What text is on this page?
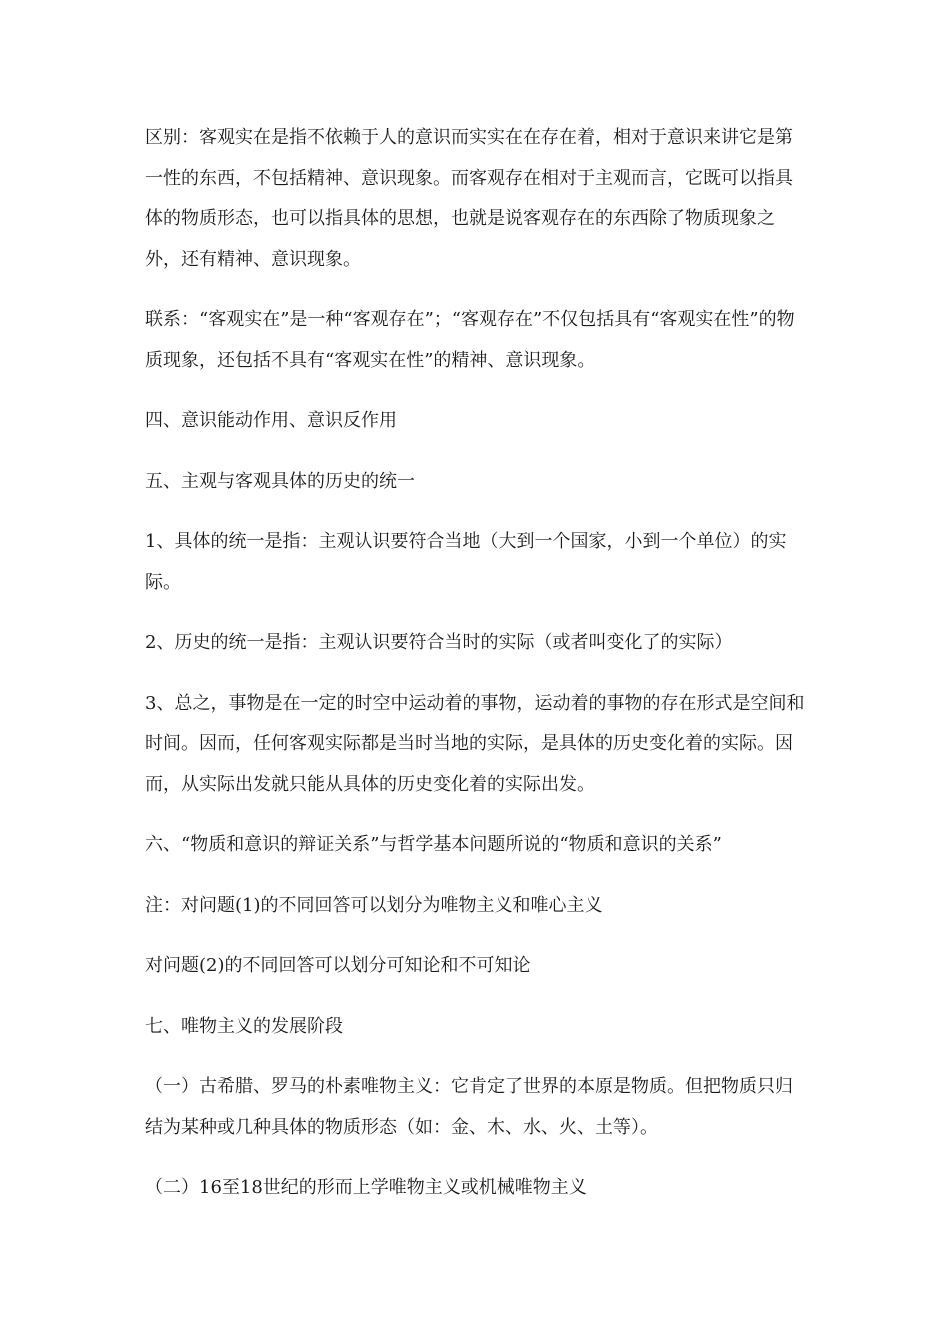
区别：客观实在是指不依赖于人的意识而实实在在存在着，相对于意识来讲它是第一性的东西，不包括精神、意识现象。而客观存在相对于主观而言，它既可以指具体的物质形态，也可以指具体的思想，也就是说客观存在的东西除了物质现象之外，还有精神、意识现象。

联系：“客观实在”是一种“客观存在”；“客观存在”不仅包括具有“客观实在性”的物质现象，还包括不具有“客观实在性”的精神、意识现象。

四、意识能动作用、意识反作用

五、主观与客观具体的历史的统一

1、具体的统一是指：主观认识要符合当地（大到一个国家，小到一个单位）的实际。

2、历史的统一是指：主观认识要符合当时的实际（或者叫变化了的实际）

3、总之，事物是在一定的时空中运动着的事物，运动着的事物的存在形式是空间和时间。因而，任何客观实际都是当时当地的实际，是具体的历史变化着的实际。因而，从实际出发就只能从具体的历史变化着的实际出发。

六、“物质和意识的辩证关系”与哲学基本问题所说的“物质和意识的关系”

注：对问题(1)的不同回答可以划分为唯物主义和唯心主义

对问题(2)的不同回答可以划分可知论和不可知论

七、唯物主义的发展阶段

（一）古希腊、罗马的朴素唯物主义：它肯定了世界的本原是物质。但把物质只归结为某种或几种具体的物质形态（如：金、木、水、火、土等）。

（二）16至18世纪的形而上学唯物主义或机械唯物主义
